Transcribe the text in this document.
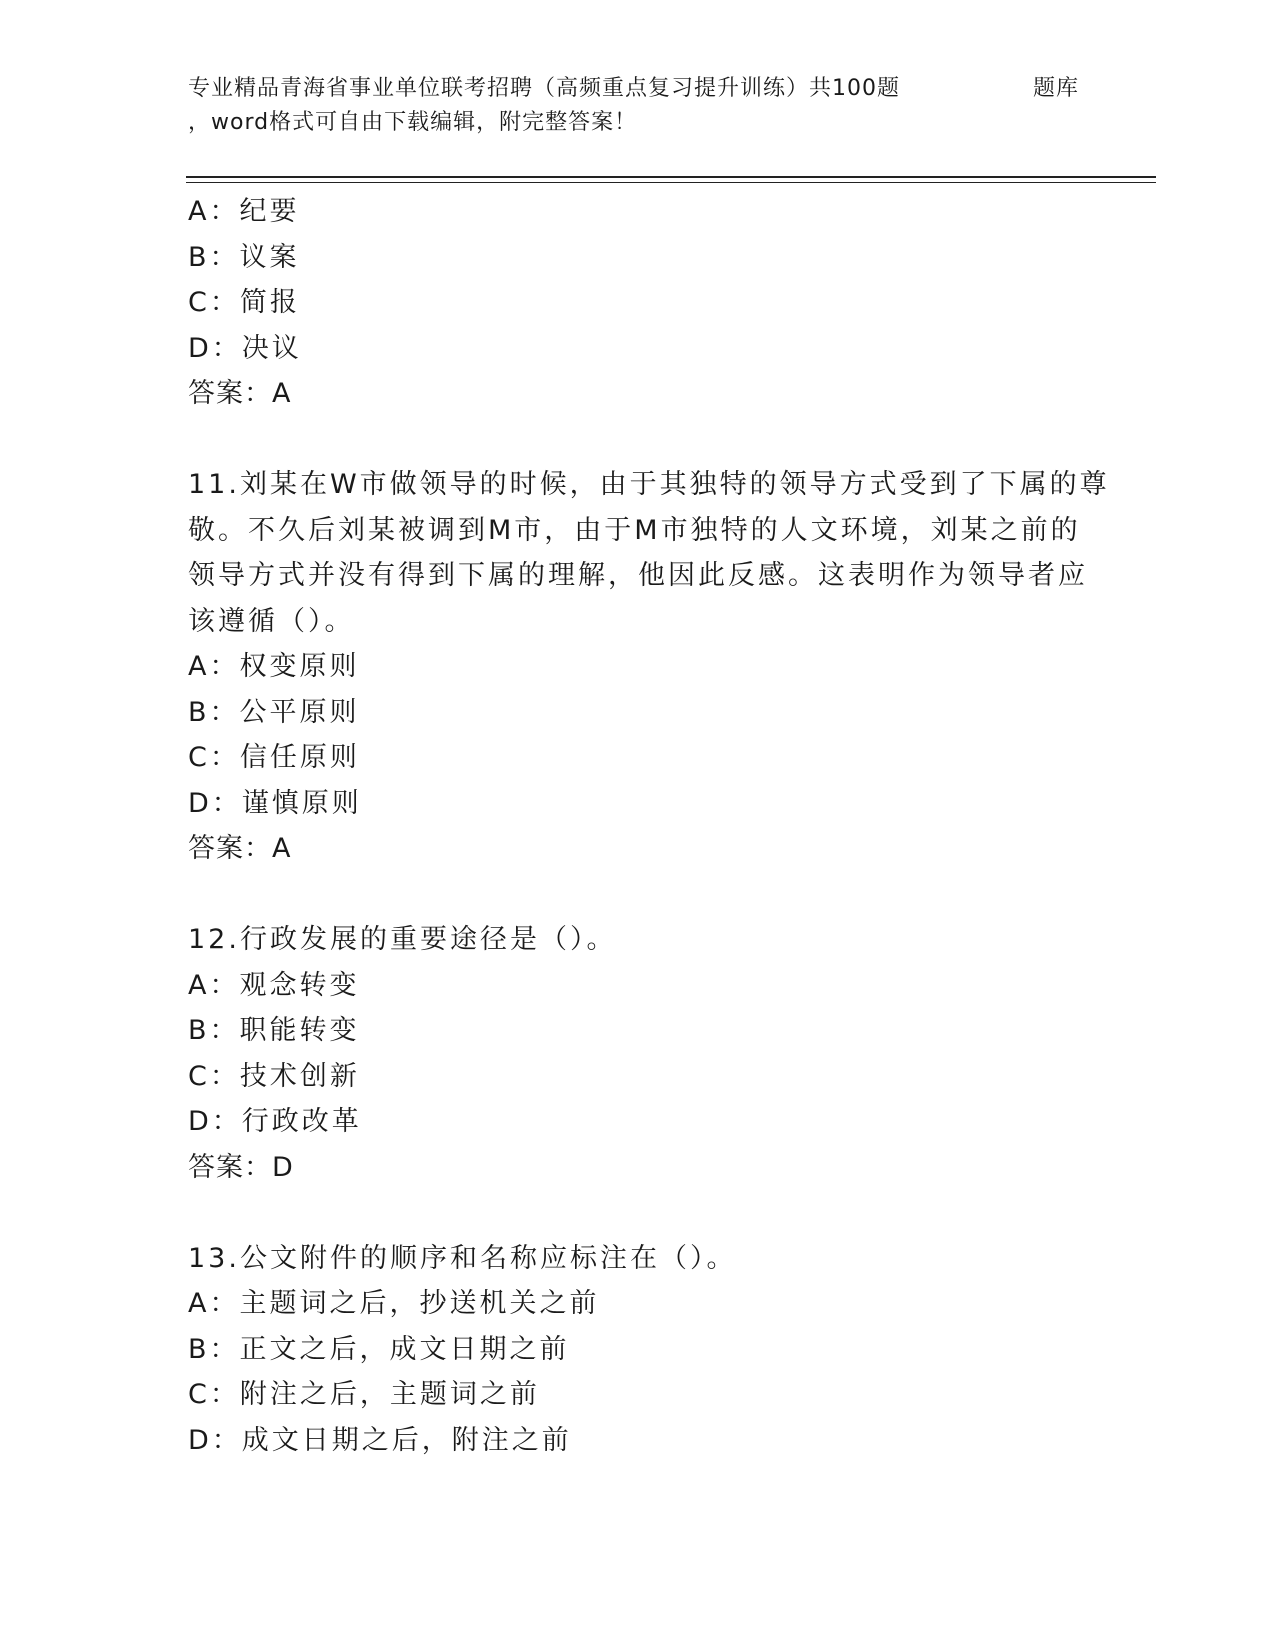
专业精品青海省事业单位联考招聘（高频重点复习提升训练）共100题	题库
，word格式可自由下载编辑，附完整答案！
A：纪要
B：议案
C：简报
D：决议
答案：A
11.刘某在W市做领导的时候，由于其独特的领导方式受到了下属的尊
敬。不久后刘某被调到M市，由于M市独特的人文环境，刘某之前的
领导方式并没有得到下属的理解，他因此反感。这表明作为领导者应
该遵循（）。
A：权变原则
B：公平原则
C：信任原则
D：谨慎原则
答案：A
12.行政发展的重要途径是（）。
A：观念转变
B：职能转变
C：技术创新
D：行政改革
答案：D
13.公文附件的顺序和名称应标注在（）。
A：主题词之后，抄送机关之前
B：正文之后，成文日期之前
C：附注之后，主题词之前
D：成文日期之后，附注之前
